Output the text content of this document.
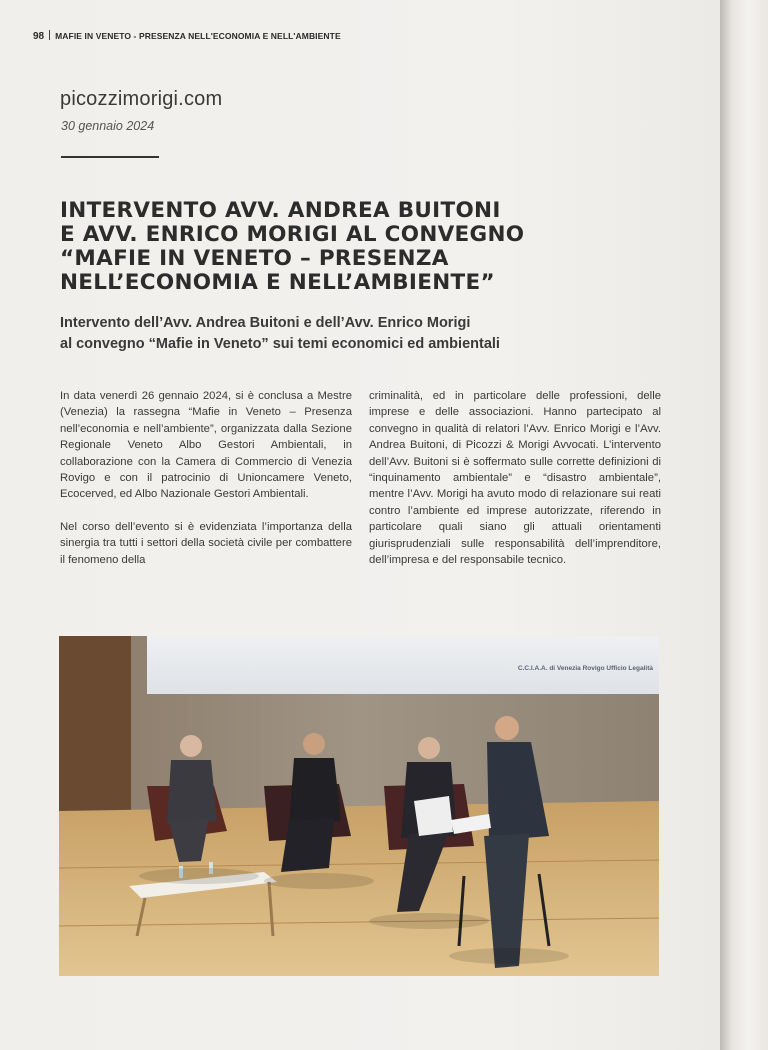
98 MAFIE IN VENETO - PRESENZA NELL'ECONOMIA E NELL'AMBIENTE
picozzimorigi.com
30 gennaio 2024
INTERVENTO AVV. ANDREA BUITONI
E AVV. ENRICO MORIGI AL CONVEGNO
“MAFIE IN VENETO – PRESENZA
NELL’ECONOMIA E NELL’AMBIENTE”
Intervento dell’Avv. Andrea Buitoni e dell’Avv. Enrico Morigi
al convegno “Mafie in Veneto” sui temi economici ed ambientali

In data venerdì 26 gennaio 2024, si è conclusa a Mestre (Venezia) la rassegna “Mafie in Veneto – Presenza nell’economia e nell’ambiente”, organizzata dalla Sezione Regionale Veneto Albo Gestori Ambientali, in collaborazione con la Camera di Commercio di Venezia Rovigo e con il patrocinio di Unioncamere Veneto, Ecocerved, ed Albo Nazionale Gestori Ambientali.

Nel corso dell’evento si è evidenziata l’importanza della sinergia tra tutti i settori della società civile per combattere il fenomeno della

criminalità, ed in particolare delle professioni, delle imprese e delle associazioni. Hanno partecipato al convegno in qualità di relatori l’Avv. Enrico Morigi e l’Avv. Andrea Buitoni, di Picozzi & Morigi Avvocati. L’intervento dell’Avv. Buitoni si è soffermato sulle corrette definizioni di “inquinamento ambientale” e “disastro ambientale”, mentre l’Avv. Morigi ha avuto modo di relazionare sui reati contro l’ambiente ed imprese autorizzate, riferendo in particolare quali siano gli attuali orientamenti giurisprudenziali sulle responsabilità dell’imprenditore, dell’impresa e del responsabile tecnico.

C.C.I.A.A. di Venezia Rovigo Ufficio Legalità
